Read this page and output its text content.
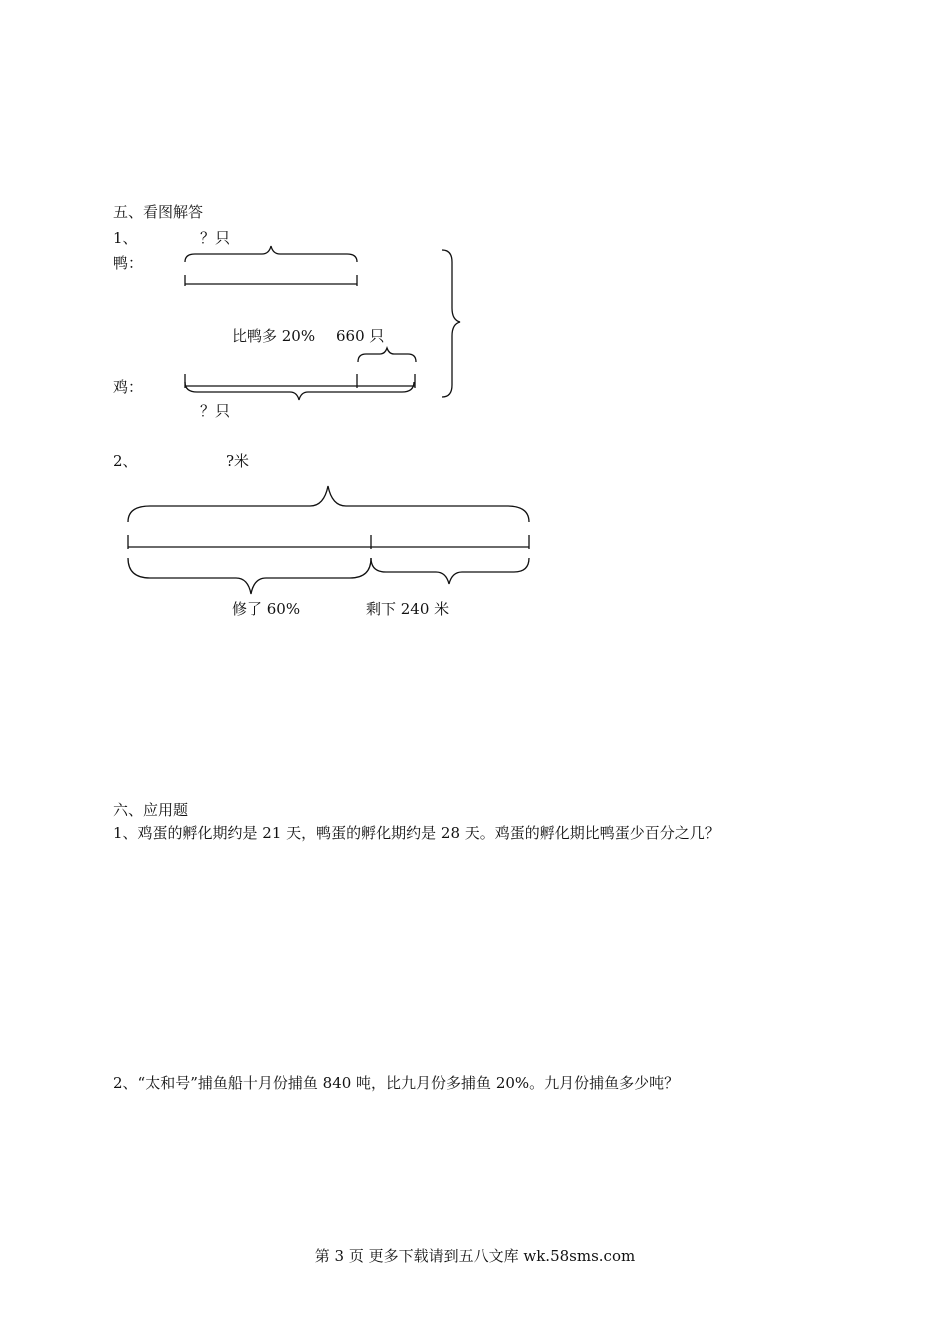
五、看图解答
1、	？只
鸭：
比鸭多 20% 660 只
鸡：
？只
2、	?米
修了 60%	剩下 240 米
六、应用题
1、鸡蛋的孵化期约是 21 天，鸭蛋的孵化期约是 28 天。鸡蛋的孵化期比鸭蛋少百分之几？
2、“太和号”捕鱼船十月份捕鱼 840 吨，比九月份多捕鱼 20%。九月份捕鱼多少吨？
第 3 页 更多下载请到五八文库 wk.58sms.com
